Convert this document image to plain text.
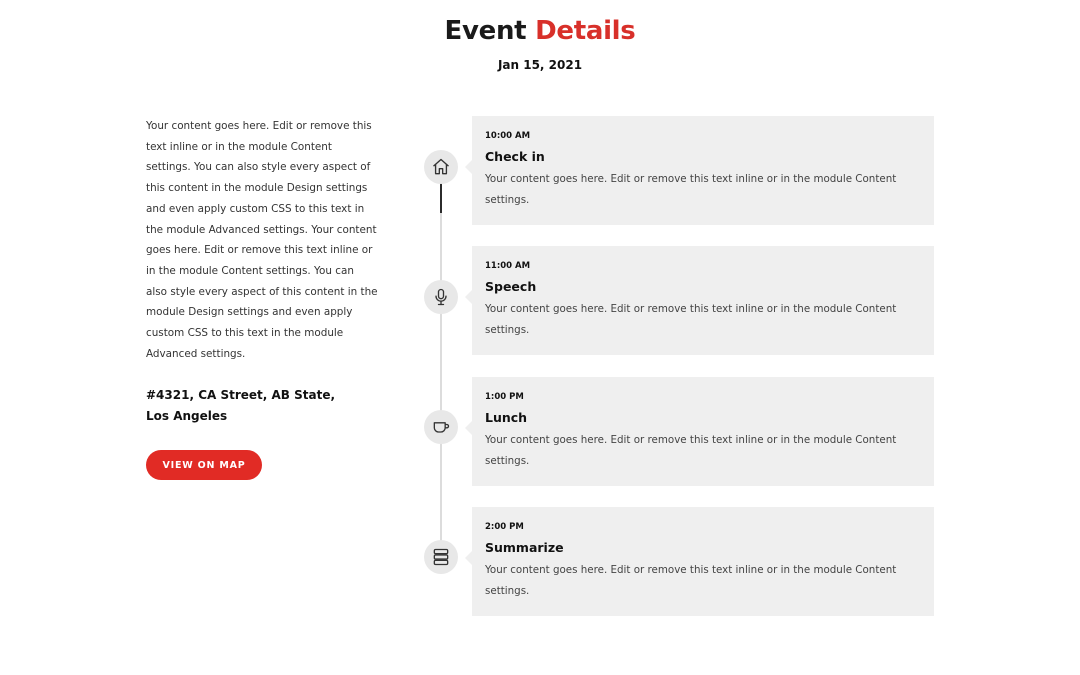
Event Details
Jan 15, 2021
Your content goes here. Edit or remove this text inline or in the module Content settings. You can also style every aspect of this content in the module Design settings and even apply custom CSS to this text in the module Advanced settings. Your content goes here. Edit or remove this text inline or in the module Content settings. You can also style every aspect of this content in the module Design settings and even apply custom CSS to this text in the module Advanced settings.
#4321, CA Street, AB State,
Los Angeles
VIEW ON MAP
10:00 AM
Check in
Your content goes here. Edit or remove this text inline or in the module Content settings.
11:00 AM
Speech
Your content goes here. Edit or remove this text inline or in the module Content settings.
1:00 PM
Lunch
Your content goes here. Edit or remove this text inline or in the module Content settings.
2:00 PM
Summarize
Your content goes here. Edit or remove this text inline or in the module Content settings.
